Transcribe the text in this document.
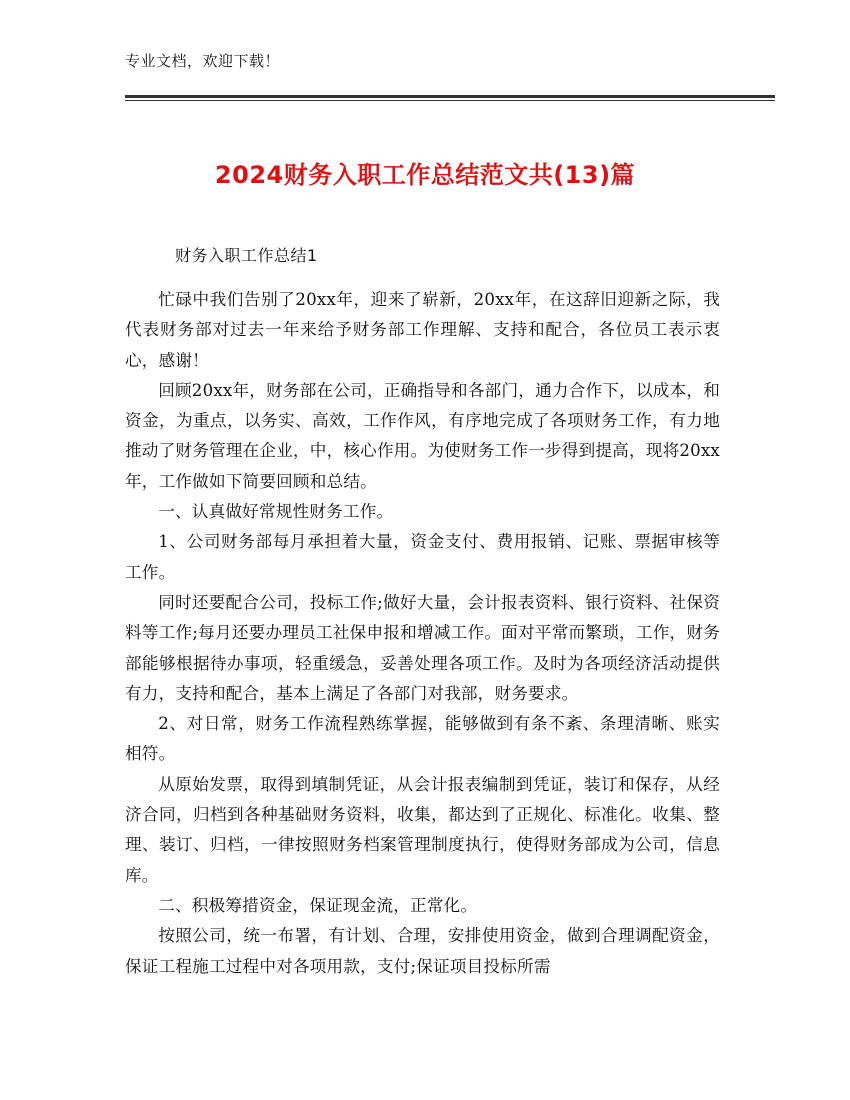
专业文档，欢迎下载！
2024财务入职工作总结范文共(13)篇
财务入职工作总结1

忙碌中我们告别了20xx年，迎来了崭新，20xx年，在这辞旧迎新之际，我代表财务部对过去一年来给予财务部工作理解、支持和配合，各位员工表示衷心，感谢！

回顾20xx年，财务部在公司，正确指导和各部门，通力合作下，以成本，和资金，为重点，以务实、高效，工作作风，有序地完成了各项财务工作，有力地推动了财务管理在企业，中，核心作用。为使财务工作一步得到提高，现将20xx年，工作做如下简要回顾和总结。

一、认真做好常规性财务工作。

1、公司财务部每月承担着大量，资金支付、费用报销、记账、票据审核等工作。

同时还要配合公司，投标工作;做好大量，会计报表资料、银行资料、社保资料等工作;每月还要办理员工社保申报和增减工作。面对平常而繁琐，工作，财务部能够根据待办事项，轻重缓急，妥善处理各项工作。及时为各项经济活动提供有力，支持和配合，基本上满足了各部门对我部，财务要求。

2、对日常，财务工作流程熟练掌握，能够做到有条不紊、条理清晰、账实相符。

从原始发票，取得到填制凭证，从会计报表编制到凭证，装订和保存，从经济合同，归档到各种基础财务资料，收集，都达到了正规化、标准化。收集、整理、装订、归档，一律按照财务档案管理制度执行，使得财务部成为公司，信息库。

二、积极筹措资金，保证现金流，正常化。

按照公司，统一布署，有计划、合理，安排使用资金，做到合理调配资金，保证工程施工过程中对各项用款，支付;保证项目投标所需
